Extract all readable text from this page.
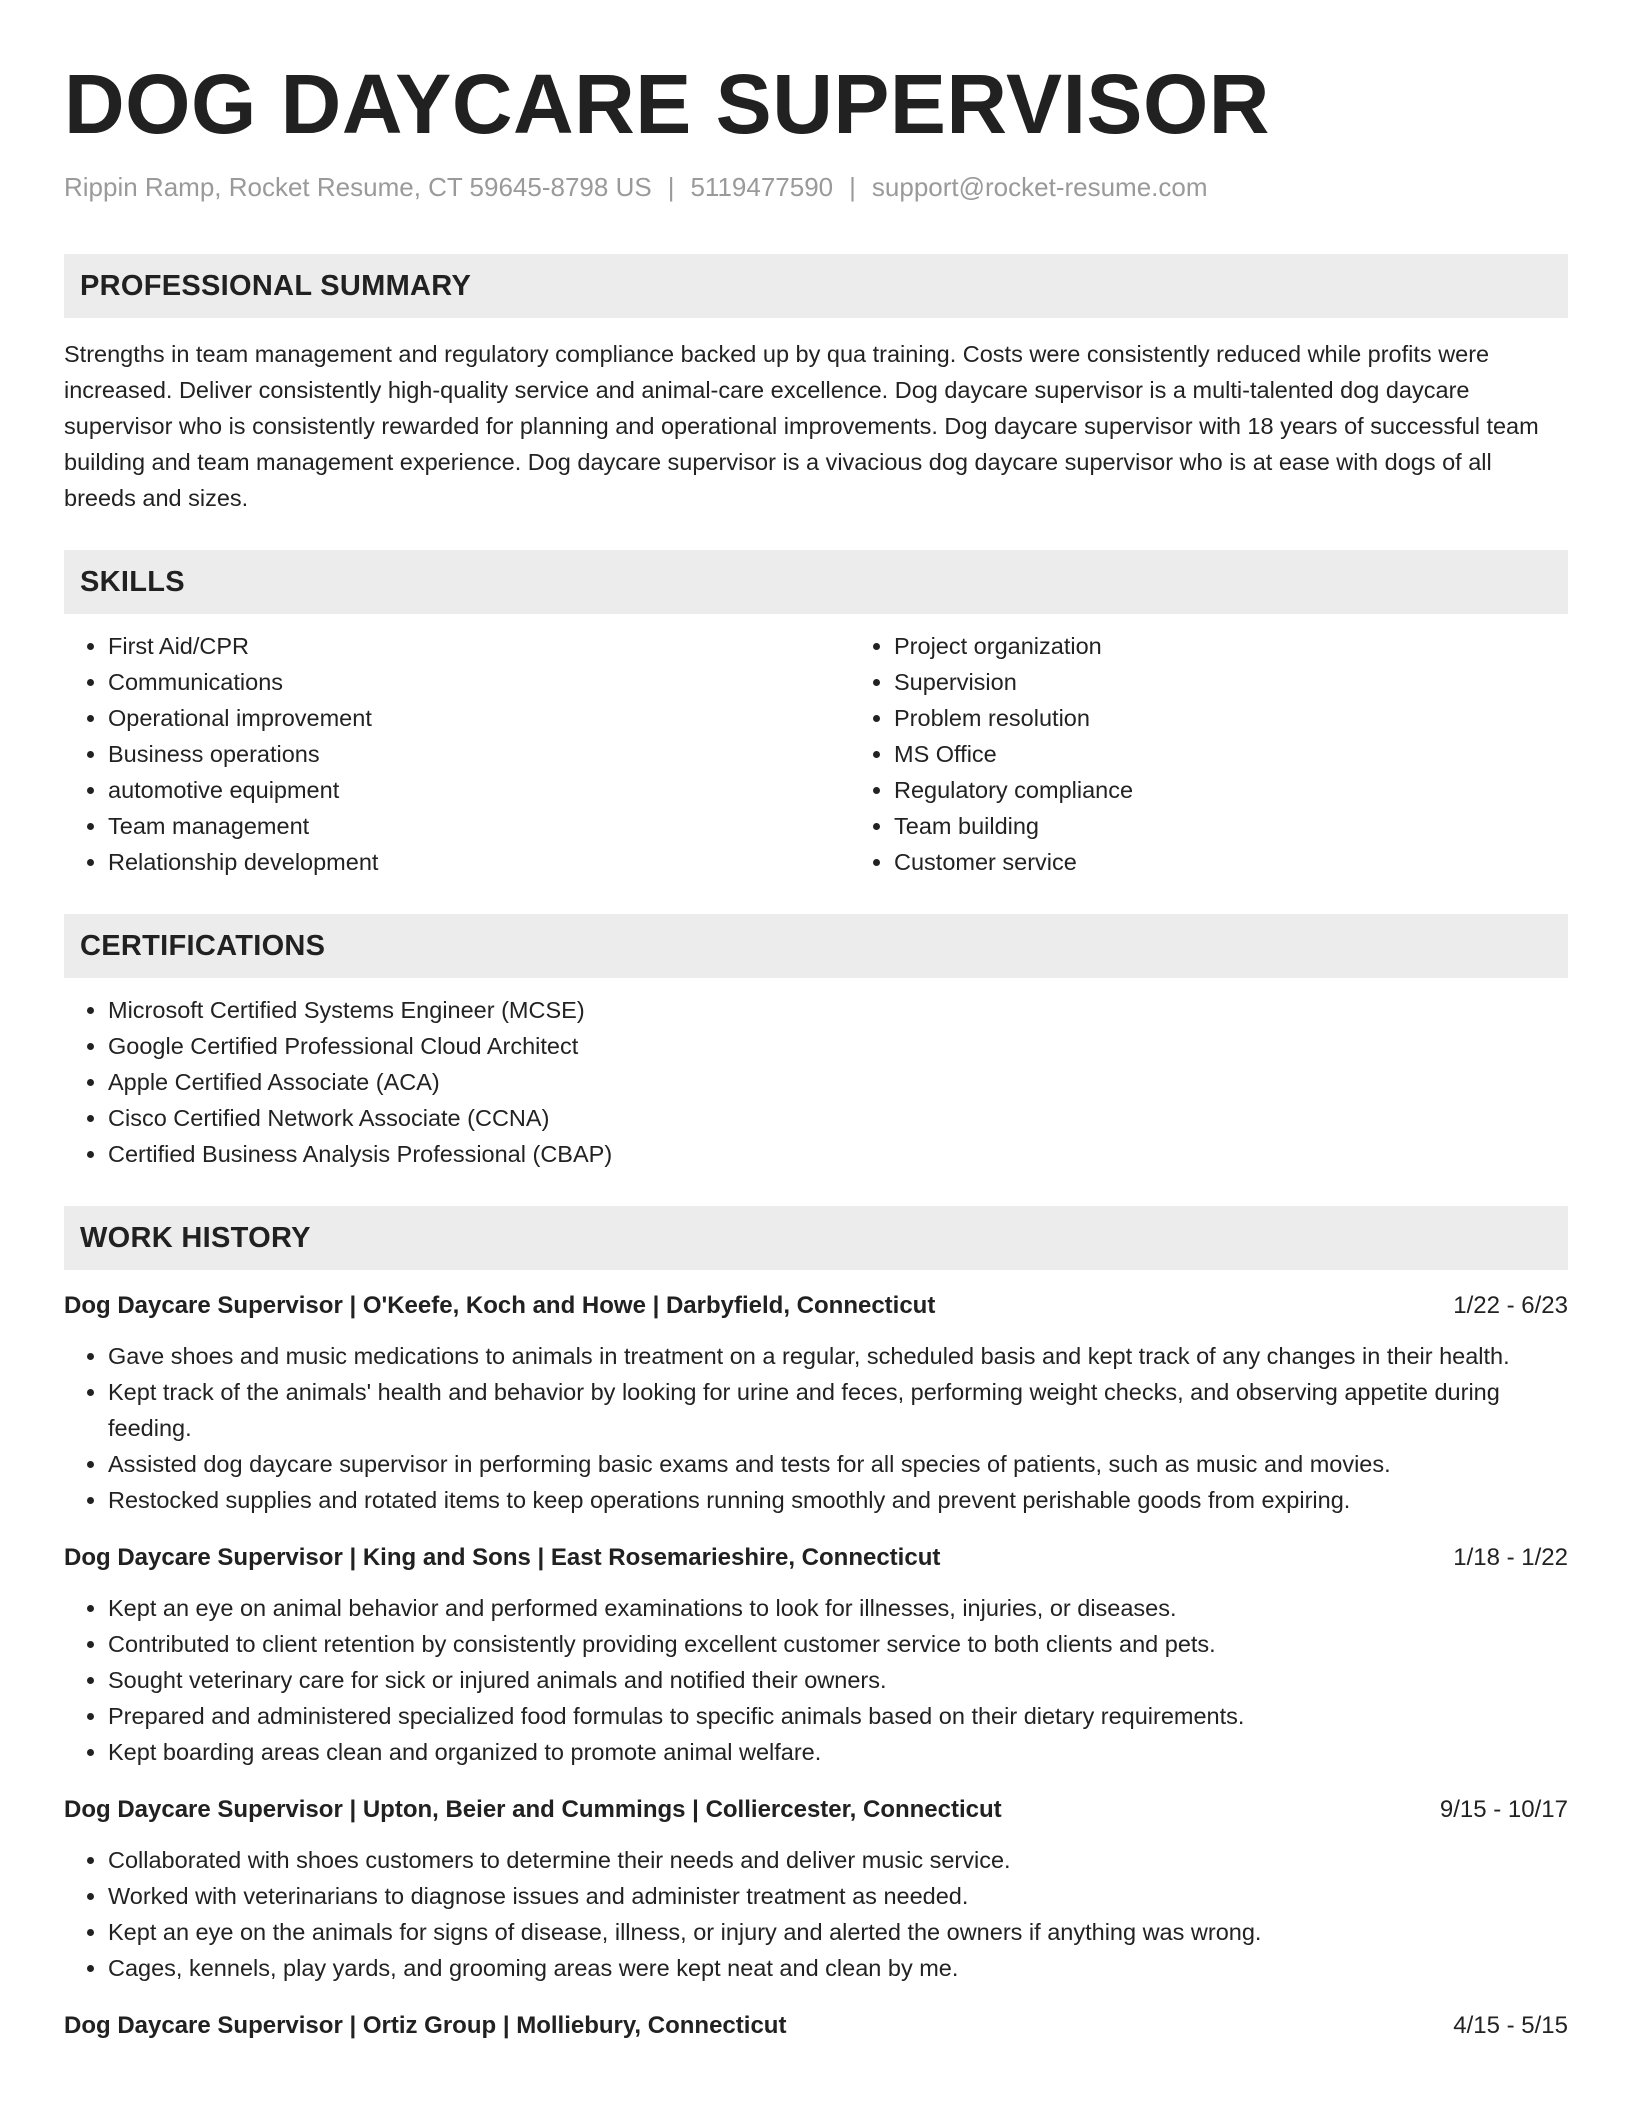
DOG DAYCARE SUPERVISOR
Rippin Ramp, Rocket Resume, CT 59645-8798 US | 5119477590 | support@rocket-resume.com
PROFESSIONAL SUMMARY

Strengths in team management and regulatory compliance backed up by qua training. Costs were consistently reduced while profits were increased. Deliver consistently high-quality service and animal-care excellence. Dog daycare supervisor is a multi-talented dog daycare supervisor who is consistently rewarded for planning and operational improvements. Dog daycare supervisor with 18 years of successful team building and team management experience. Dog daycare supervisor is a vivacious dog daycare supervisor who is at ease with dogs of all breeds and sizes.

SKILLS
• First Aid/CPR
• Communications
• Operational improvement
• Business operations
• automotive equipment
• Team management
• Relationship development
• Project organization
• Supervision
• Problem resolution
• MS Office
• Regulatory compliance
• Team building
• Customer service
CERTIFICATIONS
• Microsoft Certified Systems Engineer (MCSE)
• Google Certified Professional Cloud Architect
• Apple Certified Associate (ACA)
• Cisco Certified Network Associate (CCNA)
• Certified Business Analysis Professional (CBAP)
WORK HISTORY
Dog Daycare Supervisor | O'Keefe, Koch and Howe | Darbyfield, Connecticut	1/22 - 6/23
• Gave shoes and music medications to animals in treatment on a regular, scheduled basis and kept track of any changes in their health.
• Kept track of the animals' health and behavior by looking for urine and feces, performing weight checks, and observing appetite during feeding.
• Assisted dog daycare supervisor in performing basic exams and tests for all species of patients, such as music and movies.
• Restocked supplies and rotated items to keep operations running smoothly and prevent perishable goods from expiring.
Dog Daycare Supervisor | King and Sons | East Rosemarieshire, Connecticut	1/18 - 1/22
• Kept an eye on animal behavior and performed examinations to look for illnesses, injuries, or diseases.
• Contributed to client retention by consistently providing excellent customer service to both clients and pets.
• Sought veterinary care for sick or injured animals and notified their owners.
• Prepared and administered specialized food formulas to specific animals based on their dietary requirements.
• Kept boarding areas clean and organized to promote animal welfare.
Dog Daycare Supervisor | Upton, Beier and Cummings | Colliercester, Connecticut	9/15 - 10/17
• Collaborated with shoes customers to determine their needs and deliver music service.
• Worked with veterinarians to diagnose issues and administer treatment as needed.
• Kept an eye on the animals for signs of disease, illness, or injury and alerted the owners if anything was wrong.
• Cages, kennels, play yards, and grooming areas were kept neat and clean by me.
Dog Daycare Supervisor | Ortiz Group | Molliebury, Connecticut	4/15 - 5/15
